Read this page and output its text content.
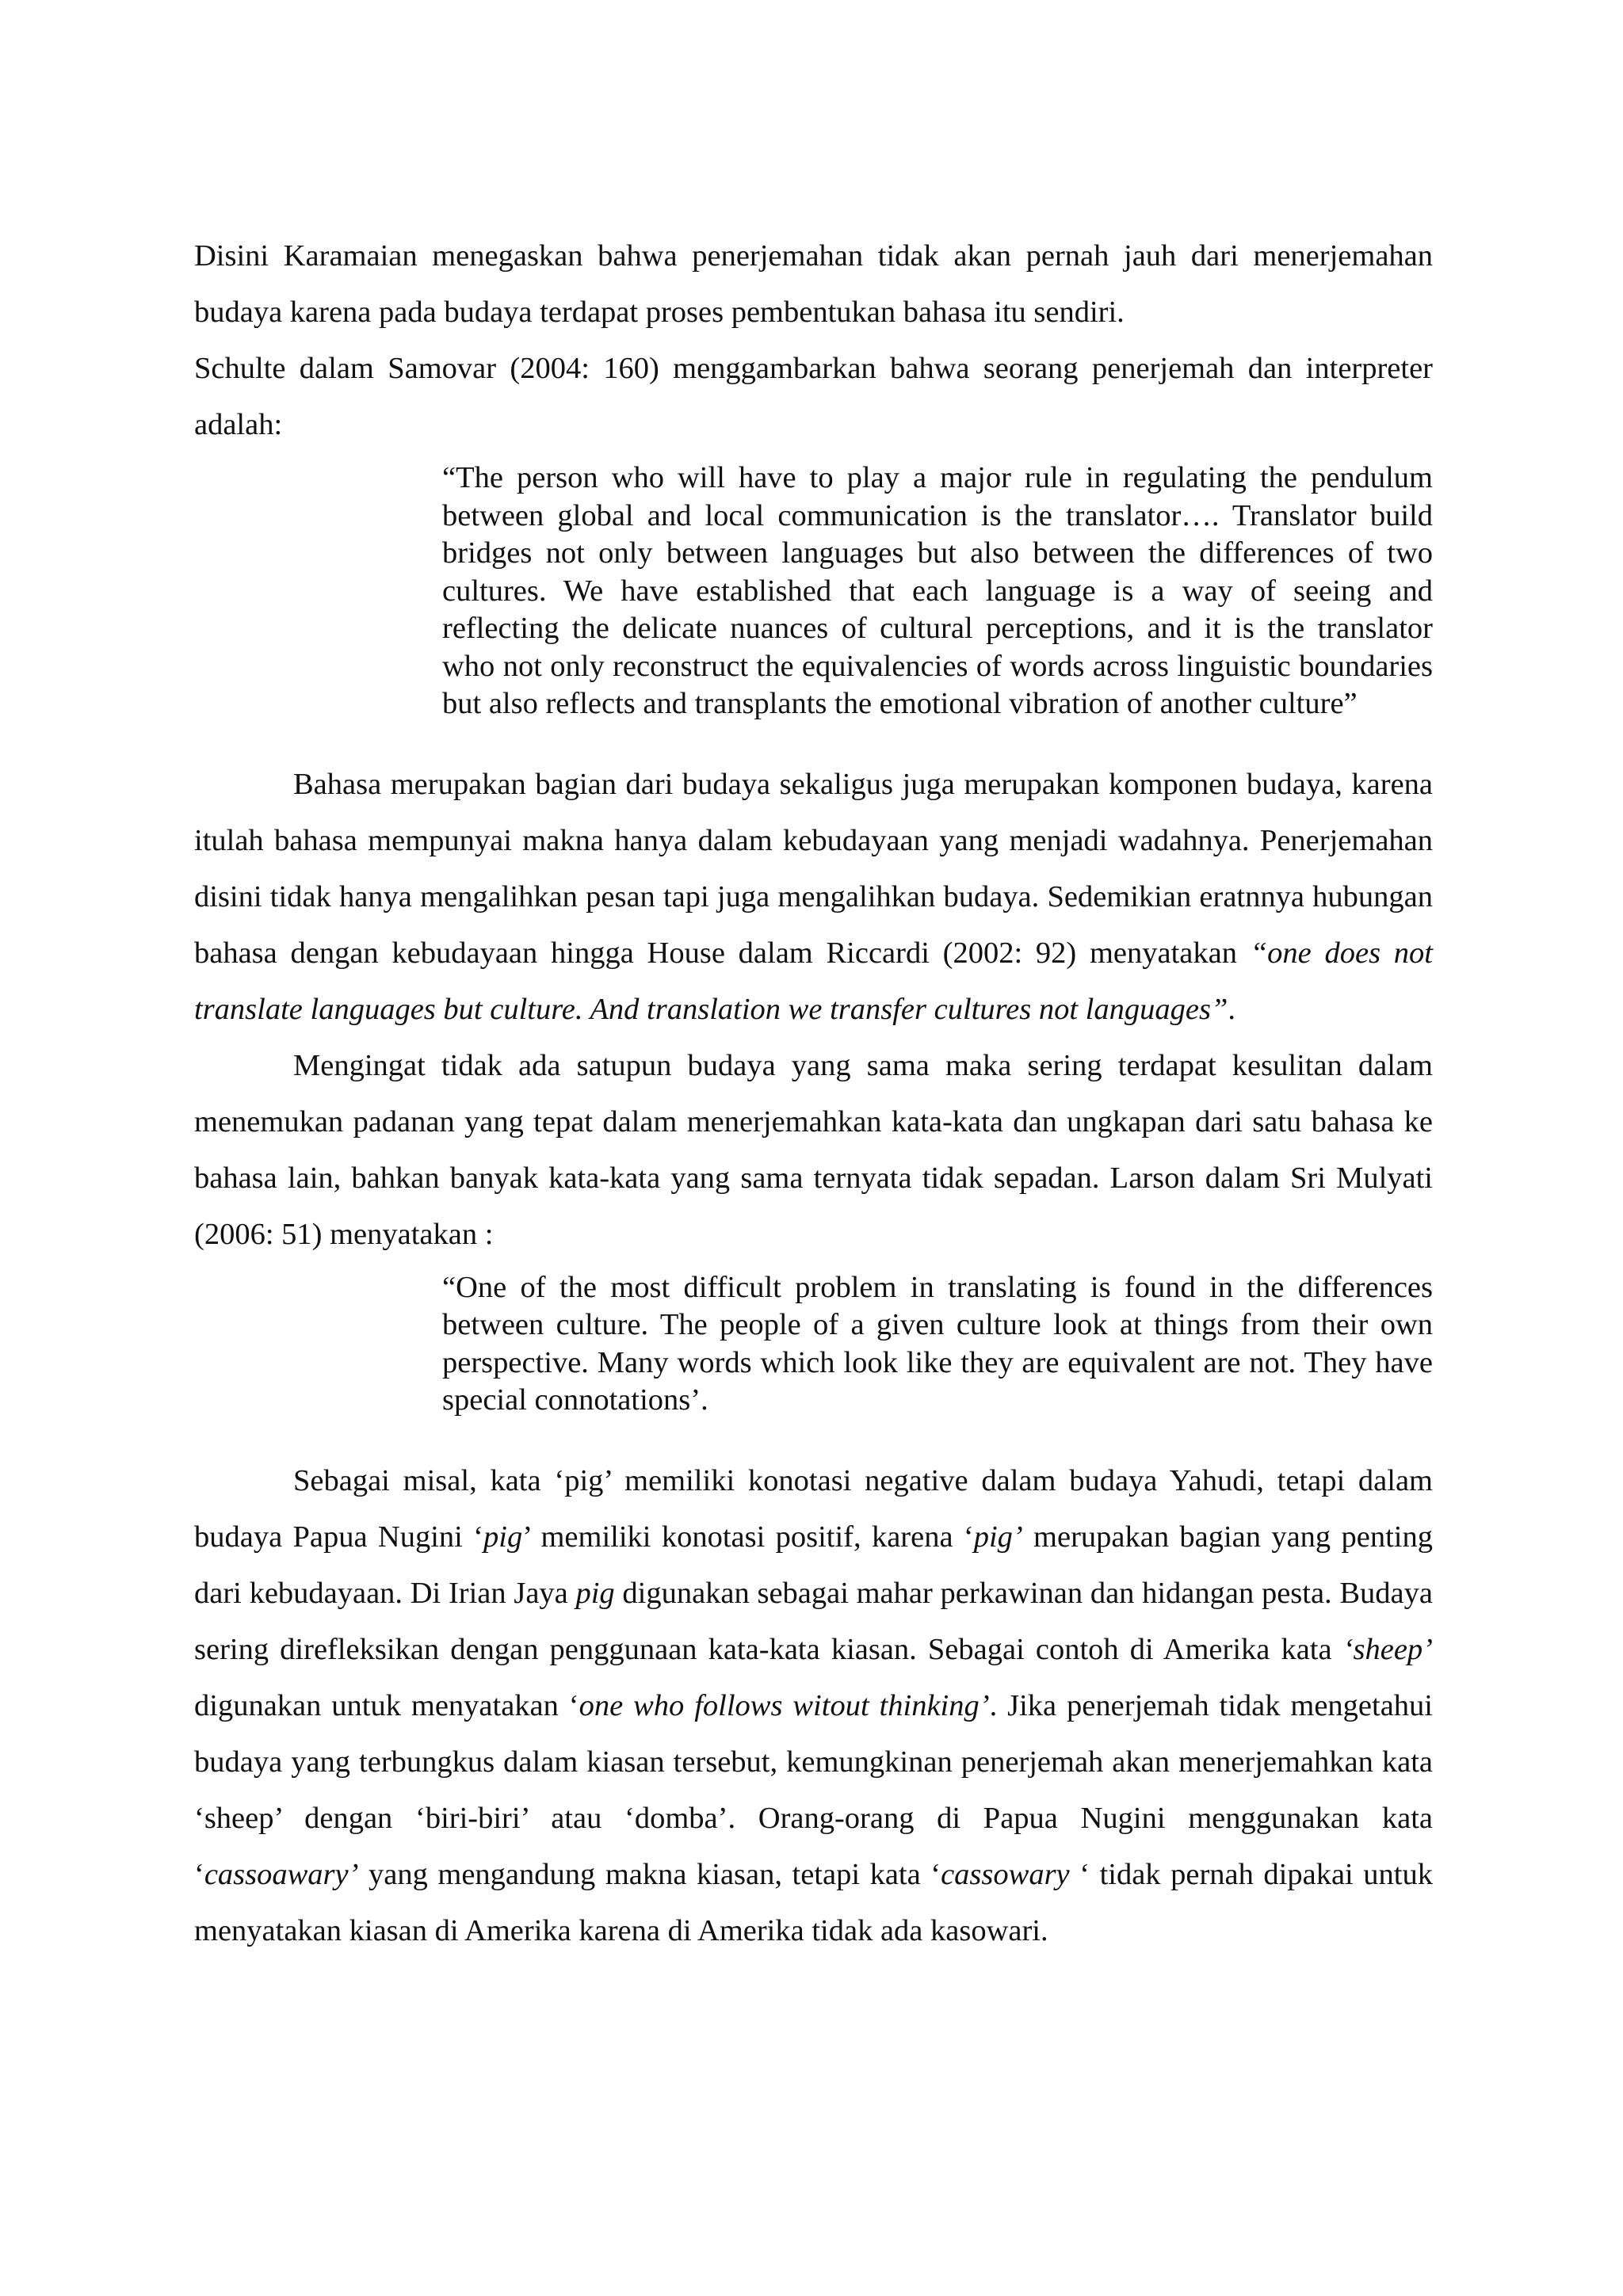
Disini Karamaian menegaskan bahwa penerjemahan tidak akan pernah jauh dari menerjemahan budaya karena pada budaya terdapat proses pembentukan bahasa itu sendiri.
Schulte dalam Samovar (2004: 160) menggambarkan bahwa seorang penerjemah dan interpreter adalah:

“The person who will have to play a major rule in regulating the pendulum between global and local communication is the translator…. Translator build bridges not only between languages but also between the differences of two cultures. We have established that each language is a way of seeing and reflecting the delicate nuances of cultural perceptions, and it is the translator who not only reconstruct the equivalencies of words across linguistic boundaries but also reflects and transplants the emotional vibration of another culture”

Bahasa merupakan bagian dari budaya sekaligus juga merupakan komponen budaya, karena itulah bahasa mempunyai makna hanya dalam kebudayaan yang menjadi wadahnya. Penerjemahan disini tidak hanya mengalihkan pesan tapi juga mengalihkan budaya. Sedemikian eratnnya hubungan bahasa dengan kebudayaan hingga House dalam Riccardi (2002: 92) menyatakan “one does not translate languages but culture. And translation we transfer cultures not languages”.

Mengingat tidak ada satupun budaya yang sama maka sering terdapat kesulitan dalam menemukan padanan yang tepat dalam menerjemahkan kata-kata dan ungkapan dari satu bahasa ke bahasa lain, bahkan banyak kata-kata yang sama ternyata tidak sepadan. Larson dalam Sri Mulyati (2006: 51) menyatakan :

“One of the most difficult problem in translating is found in the differences between culture. The people of a given culture look at things from their own perspective. Many words which look like they are equivalent are not. They have special connotations’.

Sebagai misal, kata ‘pig’ memiliki konotasi negative dalam budaya Yahudi, tetapi dalam budaya Papua Nugini ‘pig’ memiliki konotasi positif, karena ‘pig’ merupakan bagian yang penting dari kebudayaan. Di Irian Jaya pig digunakan sebagai mahar perkawinan dan hidangan pesta. Budaya sering direfleksikan dengan penggunaan kata-kata kiasan. Sebagai contoh di Amerika kata ‘sheep’ digunakan untuk menyatakan ‘one who follows witout thinking’. Jika penerjemah tidak mengetahui budaya yang terbungkus dalam kiasan tersebut, kemungkinan penerjemah akan menerjemahkan kata ‘sheep’ dengan ‘biri-biri’ atau ‘domba’. Orang-orang di Papua Nugini menggunakan kata ‘cassoawary’ yang mengandung makna kiasan, tetapi kata ‘cassowary ‘ tidak pernah dipakai untuk menyatakan kiasan di Amerika karena di Amerika tidak ada kasowari.
